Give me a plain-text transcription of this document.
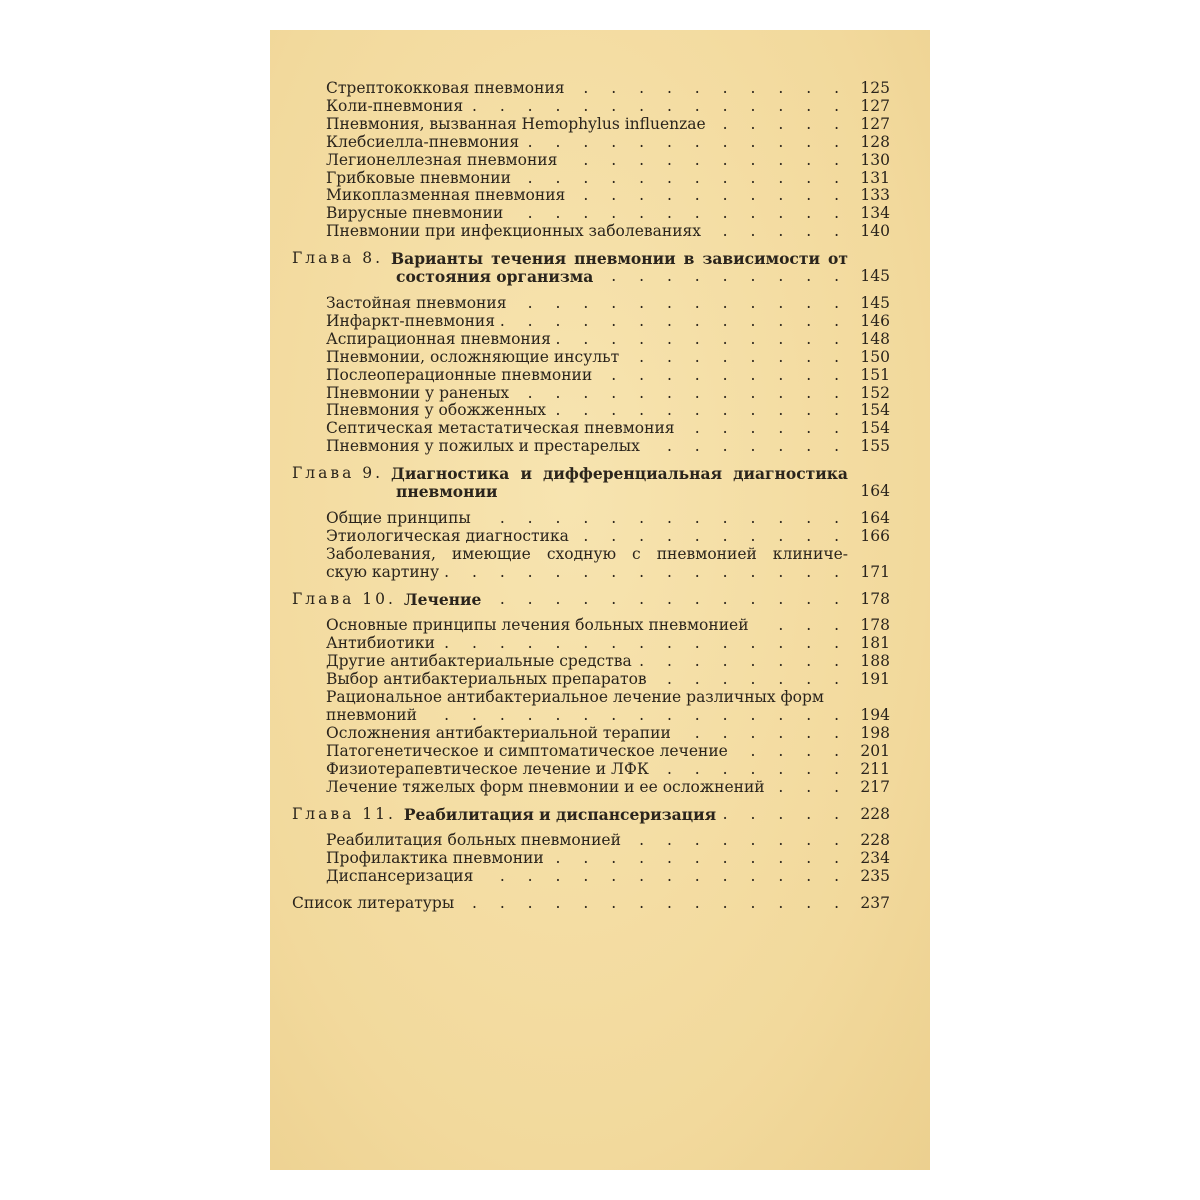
Стрептококковая пневмония . . .	125
Коли-пневмония . . .	127
Пневмония, вызванная Hemophylus influenzae . . .	127
Клебсиелла-пневмония . . .	128
Легионеллезная пневмония . . .	130
Грибковые пневмонии . . .	131
Микоплазменная пневмония . . .	133
Вирусные пневмонии . . .	134
Пневмонии при инфекционных заболеваниях . . .	140
Глава 8. Варианты течения пневмонии в зависимости от
состояния организма . . .	145
Застойная пневмония . . .	145
Инфаркт-пневмония . . .	146
Аспирационная пневмония . . .	148
Пневмонии, осложняющие инсульт . . .	150
Послеоперационные пневмонии . . .	151
Пневмонии у раненых . . .	152
Пневмония у обожженных . . .	154
Септическая метастатическая пневмония . . .	154
Пневмония у пожилых и престарелых . . .	155
Глава 9. Диагностика и дифференциальная диагностика
пневмонии	164
Общие принципы . . .	164
Этиологическая диагностика . . .	166
Заболевания, имеющие сходную с пневмонией клиниче-
скую картину . . .	171
Глава 10. Лечение . . .	178
Основные принципы лечения больных пневмонией . . .	178
Антибиотики . . .	181
Другие антибактериальные средства . . .	188
Выбор антибактериальных препаратов . . .	191
Рациональное антибактериальное лечение различных форм
пневмоний . . .	194
Осложнения антибактериальной терапии . . .	198
Патогенетическое и симптоматическое лечение . . .	201
Физиотерапевтическое лечение и ЛФК . . .	211
Лечение тяжелых форм пневмонии и ее осложнений . . .	217
Глава 11. Реабилитация и диспансеризация . . .	228
Реабилитация больных пневмонией . . .	228
Профилактика пневмонии . . .	234
Диспансеризация . . .	235
Список литературы . . .	237
